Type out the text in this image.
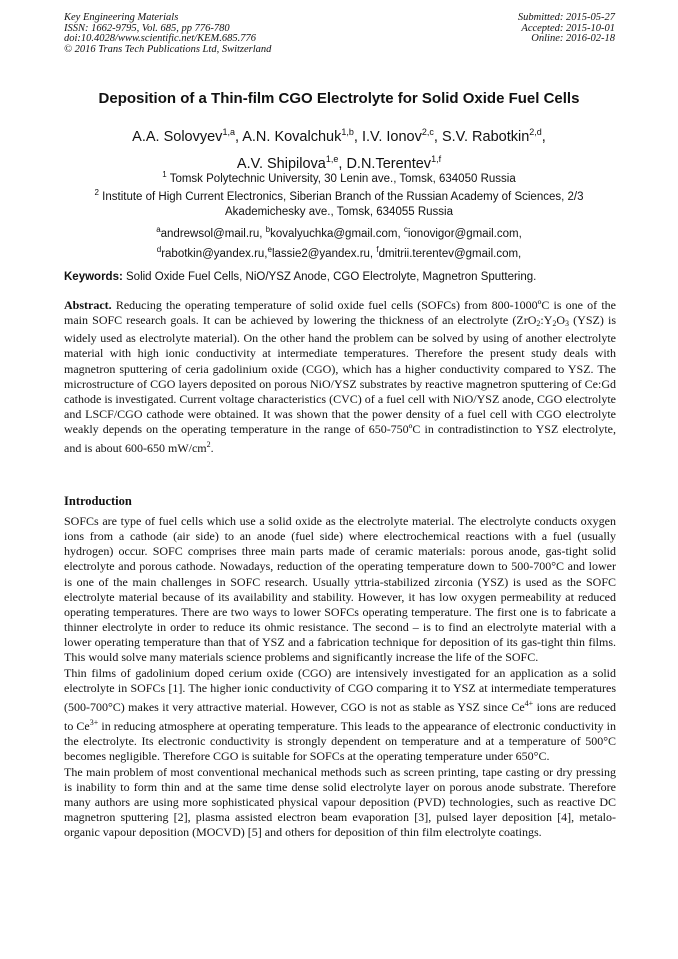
Key Engineering Materials
ISSN: 1662-9795, Vol. 685, pp 776-780
doi:10.4028/www.scientific.net/KEM.685.776
© 2016 Trans Tech Publications Ltd, Switzerland
Submitted: 2015-05-27
Accepted: 2015-10-01
Online: 2016-02-18
Deposition of a Thin-film CGO Electrolyte for Solid Oxide Fuel Cells
A.A. Solovyev$^{1,a}$, A.N. Kovalchuk$^{1,b}$, I.V. Ionov$^{2,c}$, S.V. Rabotkin$^{2,d}$,
A.V. Shipilova$^{1,e}$, D.N.Terentev$^{1,f}$
$^1$ Tomsk Polytechnic University, 30 Lenin ave., Tomsk, 634050 Russia
$^2$ Institute of High Current Electronics, Siberian Branch of the Russian Academy of Sciences, 2/3
Akademichesky ave., Tomsk, 634055 Russia
$^a$andrewsol@mail.ru, $^b$kovalyuchka@gmail.com, $^c$ionovigor@gmail.com,
$^d$rabotkin@yandex.ru,$^e$lassie2@yandex.ru, $^f$dmitrii.terentev@gmail.com,
Keywords: Solid Oxide Fuel Cells, NiO/YSZ Anode, CGO Electrolyte, Magnetron Sputtering.
Abstract. Reducing the operating temperature of solid oxide fuel cells (SOFCs) from 800-1000ºC is one of the main SOFC research goals. It can be achieved by lowering the thickness of an electrolyte ($ZrO_2:Y_2O_3$ (YSZ) is widely used as electrolyte material). On the other hand the problem can be solved by using of another electrolyte material with high ionic conductivity at intermediate temperatures. Therefore the present study deals with magnetron sputtering of ceria gadolinium oxide (CGO), which has a higher conductivity compared to YSZ. The microstructure of CGO layers deposited on porous NiO/YSZ substrates by reactive magnetron sputtering of Ce:Gd cathode is investigated. Current voltage characteristics (CVC) of a fuel cell with NiO/YSZ anode, CGO electrolyte and LSCF/CGO cathode were obtained. It was shown that the power density of a fuel cell with CGO electrolyte weakly depends on the operating temperature in the range of 650-750ºC in contradistinction to YSZ electrolyte, and is about 600-650 $mW/cm^2$.
Introduction

SOFCs are type of fuel cells which use a solid oxide as the electrolyte material. The electrolyte conducts oxygen ions from a cathode (air side) to an anode (fuel side) where electrochemical reactions with a fuel (usually hydrogen) occur. SOFC comprises three main parts made of ceramic materials: porous anode, gas-tight solid electrolyte and porous cathode. Nowadays, reduction of the operating temperature down to 500-700°C and lower is one of the main challenges in SOFC research. Usually yttria-stabilized zirconia (YSZ) is used as the SOFC electrolyte material because of its availability and stability. However, it has low oxygen permeability at reduced operating temperatures. There are two ways to lower SOFCs operating temperature. The first one is to fabricate a thinner electrolyte in order to reduce its ohmic resistance. The second – is to find an electrolyte material with a lower operating temperature than that of YSZ and a fabrication technique for deposition of its gas-tight thin films. This would solve many materials science problems and significantly increase the life of the SOFC.

Thin films of gadolinium doped cerium oxide (CGO) are intensively investigated for an application as a solid electrolyte in SOFCs [1]. The higher ionic conductivity of CGO comparing it to YSZ at intermediate temperatures (500-700°C) makes it very attractive material. However, CGO is not as stable as YSZ since $Ce^{4+}$ ions are reduced to $Ce^{3+}$ in reducing atmosphere at operating temperature. This leads to the appearance of electronic conductivity in the electrolyte. Its electronic conductivity is strongly dependent on temperature and at a temperature of 500°C becomes negligible. Therefore CGO is suitable for SOFCs at the operating temperature under 650°C.

The main problem of most conventional mechanical methods such as screen printing, tape casting or dry pressing is inability to form thin and at the same time dense solid electrolyte layer on porous anode substrate. Therefore many authors are using more sophisticated physical vapour deposition (PVD) technologies, such as reactive DC magnetron sputtering [2], plasma assisted electron beam evaporation [3], pulsed layer deposition [4], metalo-organic vapour deposition (MOCVD) [5] and others for deposition of thin film electrolyte coatings.
